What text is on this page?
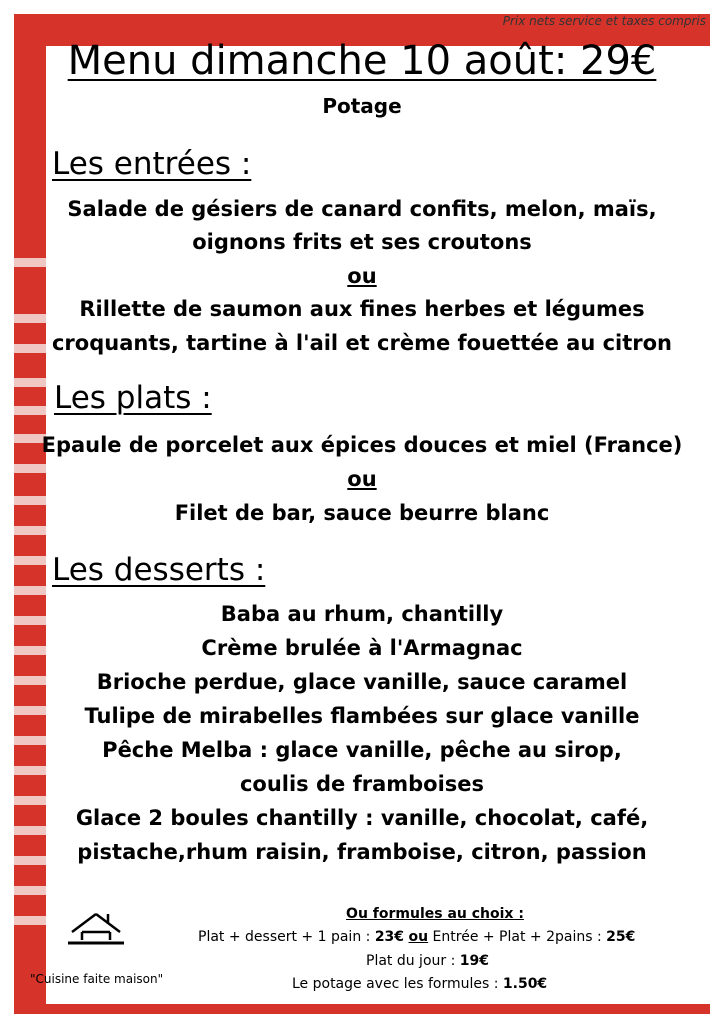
Prix nets service et taxes compris
Menu dimanche 10 août: 29€
Potage
Les entrées :
Salade de gésiers de canard confits, melon, maïs,
oignons frits et ses croutons
ou
Rillette de saumon aux fines herbes et légumes
croquants, tartine à l'ail et crème fouettée au citron
Les plats :
Epaule de porcelet aux épices douces et miel (France)
ou
Filet de bar, sauce beurre blanc
Les desserts :
Baba au rhum, chantilly
Crème brulée à l'Armagnac
Brioche perdue, glace vanille, sauce caramel
Tulipe de mirabelles flambées sur glace vanille
Pêche Melba : glace vanille, pêche au sirop,
coulis de framboises
Glace 2 boules chantilly : vanille, chocolat, café,
pistache,rhum raisin, framboise, citron, passion
"Cuisine faite maison"
Ou formules au choix :
Plat + dessert + 1 pain : 23€ ou Entrée + Plat + 2pains : 25€
Plat du jour : 19€
Le potage avec les formules : 1.50€
